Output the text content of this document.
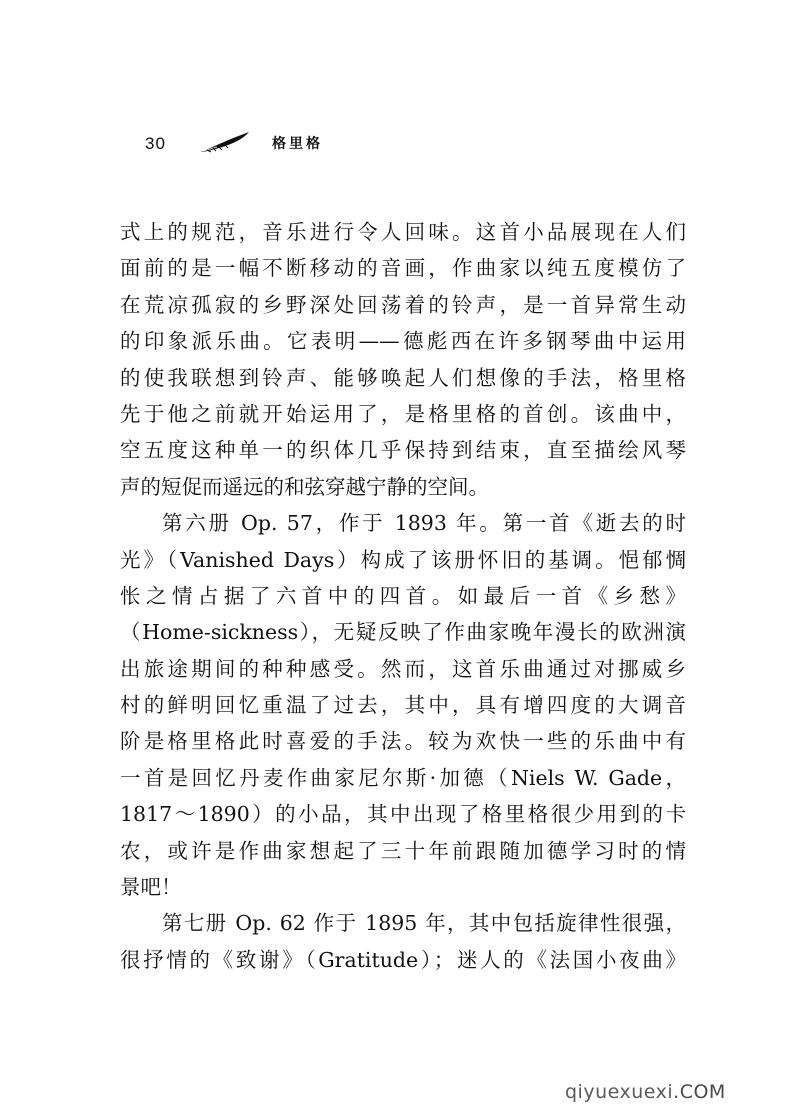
30	格里格
式上的规范，音乐进行令人回味。这首小品展现在人们
面前的是一幅不断移动的音画，作曲家以纯五度模仿了
在荒凉孤寂的乡野深处回荡着的铃声，是一首异常生动
的印象派乐曲。它表明——德彪西在许多钢琴曲中运用
的使我联想到铃声、能够唤起人们想像的手法，格里格
先于他之前就开始运用了，是格里格的首创。该曲中，
空五度这种单一的织体几乎保持到结束，直至描绘风琴
声的短促而遥远的和弦穿越宁静的空间。
第六册 Op. 57，作于 1893 年。第一首《逝去的时
光》（Vanished Days）构成了该册怀旧的基调。悒郁惆
怅之情占据了六首中的四首。如最后一首《乡愁》
（Home-sickness），无疑反映了作曲家晚年漫长的欧洲演
出旅途期间的种种感受。然而，这首乐曲通过对挪威乡
村的鲜明回忆重温了过去，其中，具有增四度的大调音
阶是格里格此时喜爱的手法。较为欢快一些的乐曲中有
一首是回忆丹麦作曲家尼尔斯·加德（Niels W. Gade，
1817～1890）的小品，其中出现了格里格很少用到的卡
农，或许是作曲家想起了三十年前跟随加德学习时的情
景吧！
第七册 Op. 62 作于 1895 年，其中包括旋律性很强，
很抒情的《致谢》（Gratitude）；迷人的《法国小夜曲》
qiyuexuexi.COM
